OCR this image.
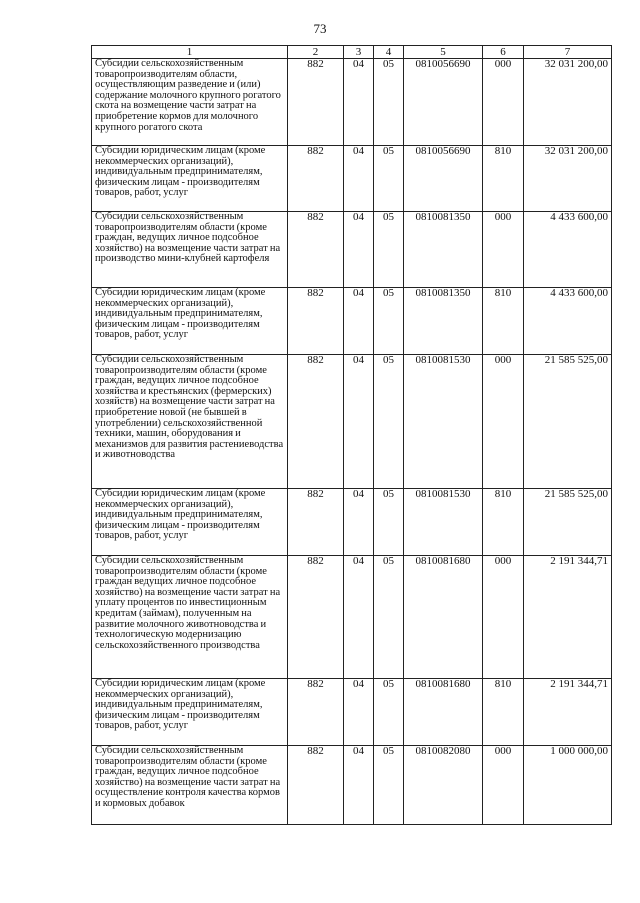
73
1	2	3	4	5	6	7
Субсидии сельскохозяйственным товаропроизводителям области, осуществляющим разведение и (или) содержание молочного крупного рогатого скота на возмещение части затрат на приобретение кормов для молочного крупного рогатого скота	882	04	05	0810056690	000	32 031 200,00
Субсидии юридическим лицам (кроме некоммерческих организаций), индивидуальным предпринимателям, физическим лицам - производителям товаров, работ, услуг	882	04	05	0810056690	810	32 031 200,00
Субсидии сельскохозяйственным товаропроизводителям области (кроме граждан, ведущих личное подсобное хозяйство) на возмещение части затрат на производство мини-клубней картофеля	882	04	05	0810081350	000	4 433 600,00
Субсидии юридическим лицам (кроме некоммерческих организаций), индивидуальным предпринимателям, физическим лицам - производителям товаров, работ, услуг	882	04	05	0810081350	810	4 433 600,00
Субсидии сельскохозяйственным товаропроизводителям области (кроме граждан, ведущих личное подсобное хозяйства и крестьянских (фермерских) хозяйств) на возмещение части затрат на приобретение новой (не бывшей в употреблении) сельскохозяйственной техники, машин, оборудования и механизмов для развития растениеводства и животноводства	882	04	05	0810081530	000	21 585 525,00
Субсидии юридическим лицам (кроме некоммерческих организаций), индивидуальным предпринимателям, физическим лицам - производителям товаров, работ, услуг	882	04	05	0810081530	810	21 585 525,00
Субсидии сельскохозяйственным товаропроизводителям области (кроме граждан ведущих личное подсобное хозяйство) на возмещение части затрат на уплату процентов по инвестиционным кредитам (займам), полученным на развитие молочного животноводства и технологическую модернизацию сельскохозяйственного производства	882	04	05	0810081680	000	2 191 344,71
Субсидии юридическим лицам (кроме некоммерческих организаций), индивидуальным предпринимателям, физическим лицам - производителям товаров, работ, услуг	882	04	05	0810081680	810	2 191 344,71
Субсидии сельскохозяйственным товаропроизводителям области (кроме граждан, ведущих личное подсобное хозяйство) на возмещение части затрат на осуществление контроля качества кормов и кормовых добавок	882	04	05	0810082080	000	1 000 000,00
